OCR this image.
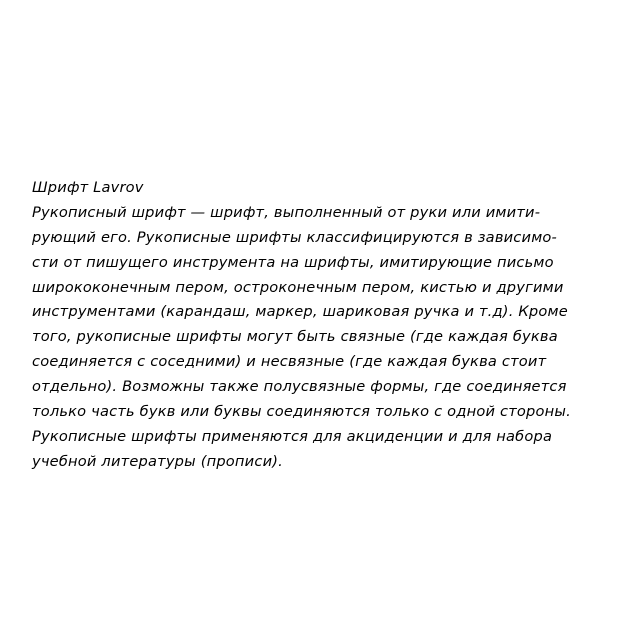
Шрифт Lavrov
Рукописный шрифт — шрифт, выполненный от руки или имити-
рующий его. Рукописные шрифты классифицируются в зависимо-
сти от пишущего инструмента на шрифты, имитирующие письмо
ширококонечным пером, остроконечным пером, кистью и другими
инструментами (карандаш, маркер, шариковая ручка и т.д). Кроме
того, рукописные шрифты могут быть связные (где каждая буква
соединяется с соседними) и несвязные (где каждая буква стоит
отдельно). Возможны также полусвязные формы, где соединяется
только часть букв или буквы соединяются только с одной стороны.
Рукописные шрифты применяются для акциденции и для набора
учебной литературы (прописи).
